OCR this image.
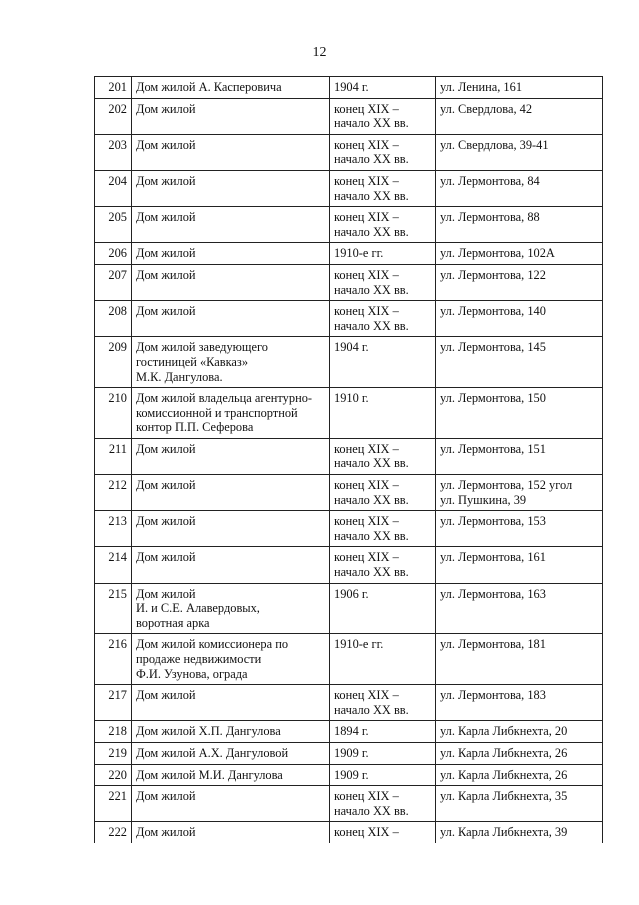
12
201	Дом жилой А. Касперовича	1904 г.	ул. Ленина, 161
202	Дом жилой	конец XIX –
начало XX вв.	ул. Свердлова, 42
203	Дом жилой	конец XIX –
начало XX вв.	ул. Свердлова, 39-41
204	Дом жилой	конец XIX –
начало XX вв.	ул. Лермонтова, 84
205	Дом жилой	конец XIX –
начало XX вв.	ул. Лермонтова, 88
206	Дом жилой	1910-е гг.	ул. Лермонтова, 102А
207	Дом жилой	конец XIX –
начало XX вв.	ул. Лермонтова, 122
208	Дом жилой	конец XIX –
начало XX вв.	ул. Лермонтова, 140
209	Дом жилой заведующего
гостиницей «Кавказ»
М.К. Дангулова.	1904 г.	ул. Лермонтова, 145
210	Дом жилой владельца агентурно-
комиссионной и транспортной
контор П.П. Сеферова	1910 г.	ул. Лермонтова, 150
211	Дом жилой	конец XIX –
начало XX вв.	ул. Лермонтова, 151
212	Дом жилой	конец XIX –
начало XX вв.	ул. Лермонтова, 152 угол
ул. Пушкина, 39
213	Дом жилой	конец XIX –
начало XX вв.	ул. Лермонтова, 153
214	Дом жилой	конец XIX –
начало XX вв.	ул. Лермонтова, 161
215	Дом жилой
И. и С.Е. Алавердовых,
воротная арка	1906 г.	ул. Лермонтова, 163
216	Дом жилой комиссионера по
продаже недвижимости
Ф.И. Узунова, ограда	1910-е гг.	ул. Лермонтова, 181
217	Дом жилой	конец XIX –
начало XX вв.	ул. Лермонтова, 183
218	Дом жилой Х.П. Дангулова	1894 г.	ул. Карла Либкнехта, 20
219	Дом жилой А.Х. Дангуловой	1909 г.	ул. Карла Либкнехта, 26
220	Дом жилой М.И. Дангулова	1909 г.	ул. Карла Либкнехта, 26
221	Дом жилой	конец XIX –
начало XX вв.	ул. Карла Либкнехта, 35
222	Дом жилой	конец XIX –	ул. Карла Либкнехта, 39
